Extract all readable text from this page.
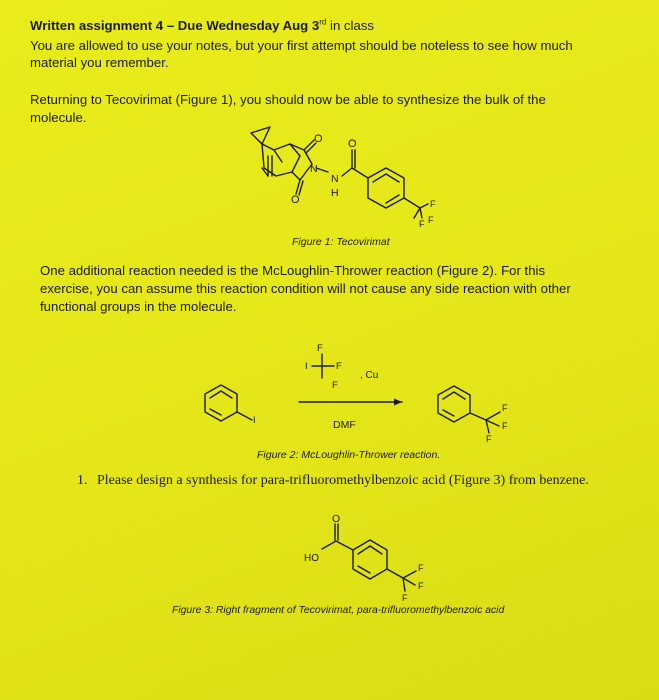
Written assignment 4 – Due Wednesday Aug 3rd in class
You are allowed to use your notes, but your first attempt should be noteless to see how much
material you remember.
Returning to Tecovirimat (Figure 1), you should now be able to synthesize the bulk of the
molecule.
O
O
N
N
H
O
F
F F
Figure 1: Tecovirimat
One additional reaction needed is the McLoughlin-Thrower reaction (Figure 2). For this
exercise, you can assume this reaction condition will not cause any side reaction with other
functional groups in the molecule.
I
F
F
F
I
, Cu
DMF
F
F
F
Figure 2: McLoughlin-Thrower reaction.
1. Please design a synthesis for para-trifluoromethylbenzoic acid (Figure 3) from benzene.
O
HO
F
F
F
Figure 3: Right fragment of Tecovirimat, para-trifluoromethylbenzoic acid
